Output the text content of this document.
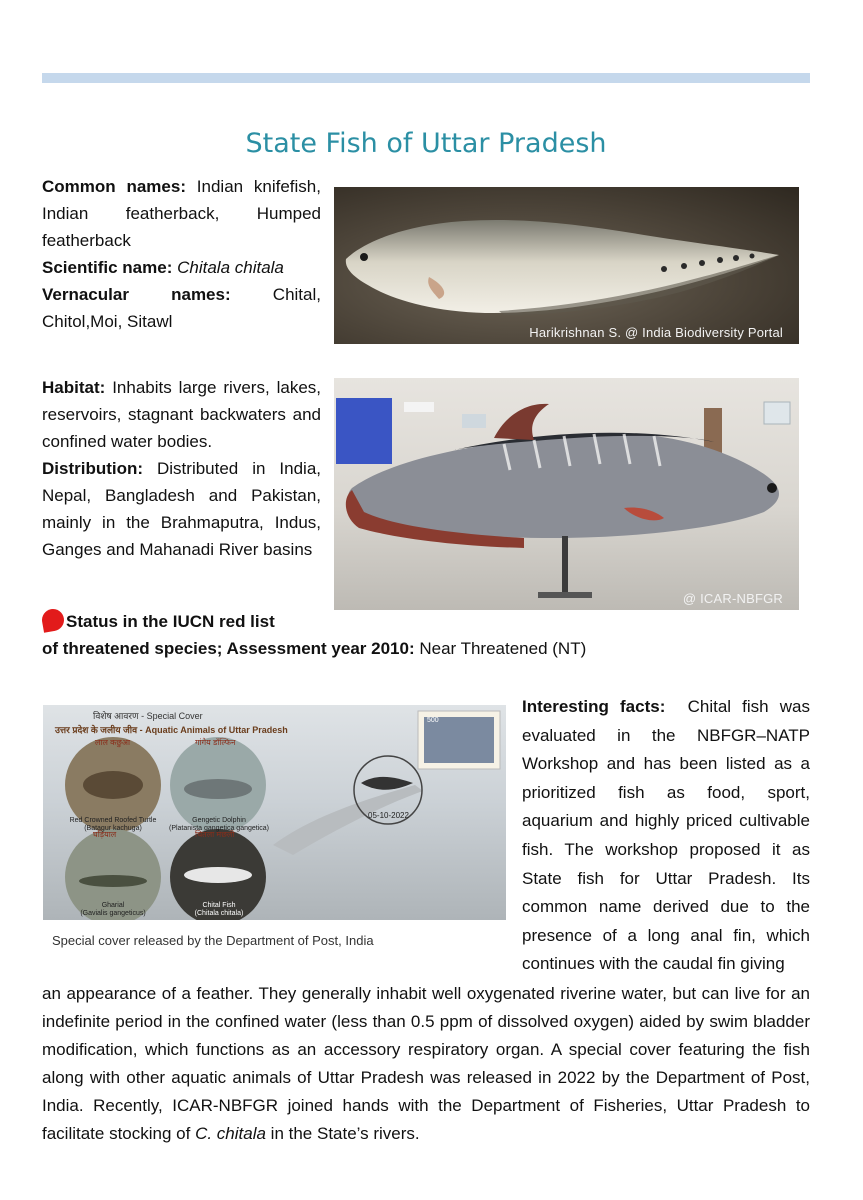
State Fish of Uttar Pradesh
Common names: Indian knifefish, Indian featherback, Humped featherback
Scientific name: Chitala chitala
Vernacular names: Chital, Chitol,Moi, Sitawl
Harikrishnan S. @ India Biodiversity Portal
Habitat: Inhabits large rivers, lakes, reservoirs, stagnant backwaters and confined water bodies.
Distribution: Distributed in India, Nepal, Bangladesh and Pakistan, mainly in the Brahmaputra, Indus, Ganges and Mahanadi River basins
@ ICAR-NBFGR
Status in the IUCN red list
of threatened species; Assessment year 2010: Near Threatened (NT)
विशेष आवरण - Special Cover
उत्तर प्रदेश के जलीय जीव - Aquatic Animals of Uttar Pradesh
लाल कछुआ	गांगेय डॉल्फिन
घड़ियाल	चितला मछली
Red Crowned Roofed Turtle
(Batagur kachuga)
Gengetic Dolphin
(Platanista gangetica gangetica)
Gharial
(Gavialis gangeticus)
Chital Fish
(Chitala chitala)
500
05-10-2022
Special cover released by the Department of Post, India
Interesting facts: Chital fish was evaluated in the NBFGR–NATP Workshop and has been listed as a prioritized fish as food, sport, aquarium and highly priced cultivable fish. The workshop proposed it as State fish for Uttar Pradesh. Its common name derived due to the presence of a long anal fin, which continues with the caudal fin giving
an appearance of a feather. They generally inhabit well oxygenated riverine water, but can live for an indefinite period in the confined water (less than 0.5 ppm of dissolved oxygen) aided by swim bladder modification, which functions as an accessory respiratory organ. A special cover featuring the fish along with other aquatic animals of Uttar Pradesh was released in 2022 by the Department of Post, India. Recently, ICAR-NBFGR joined hands with the Department of Fisheries, Uttar Pradesh to facilitate stocking of C. chitala in the State’s rivers.
